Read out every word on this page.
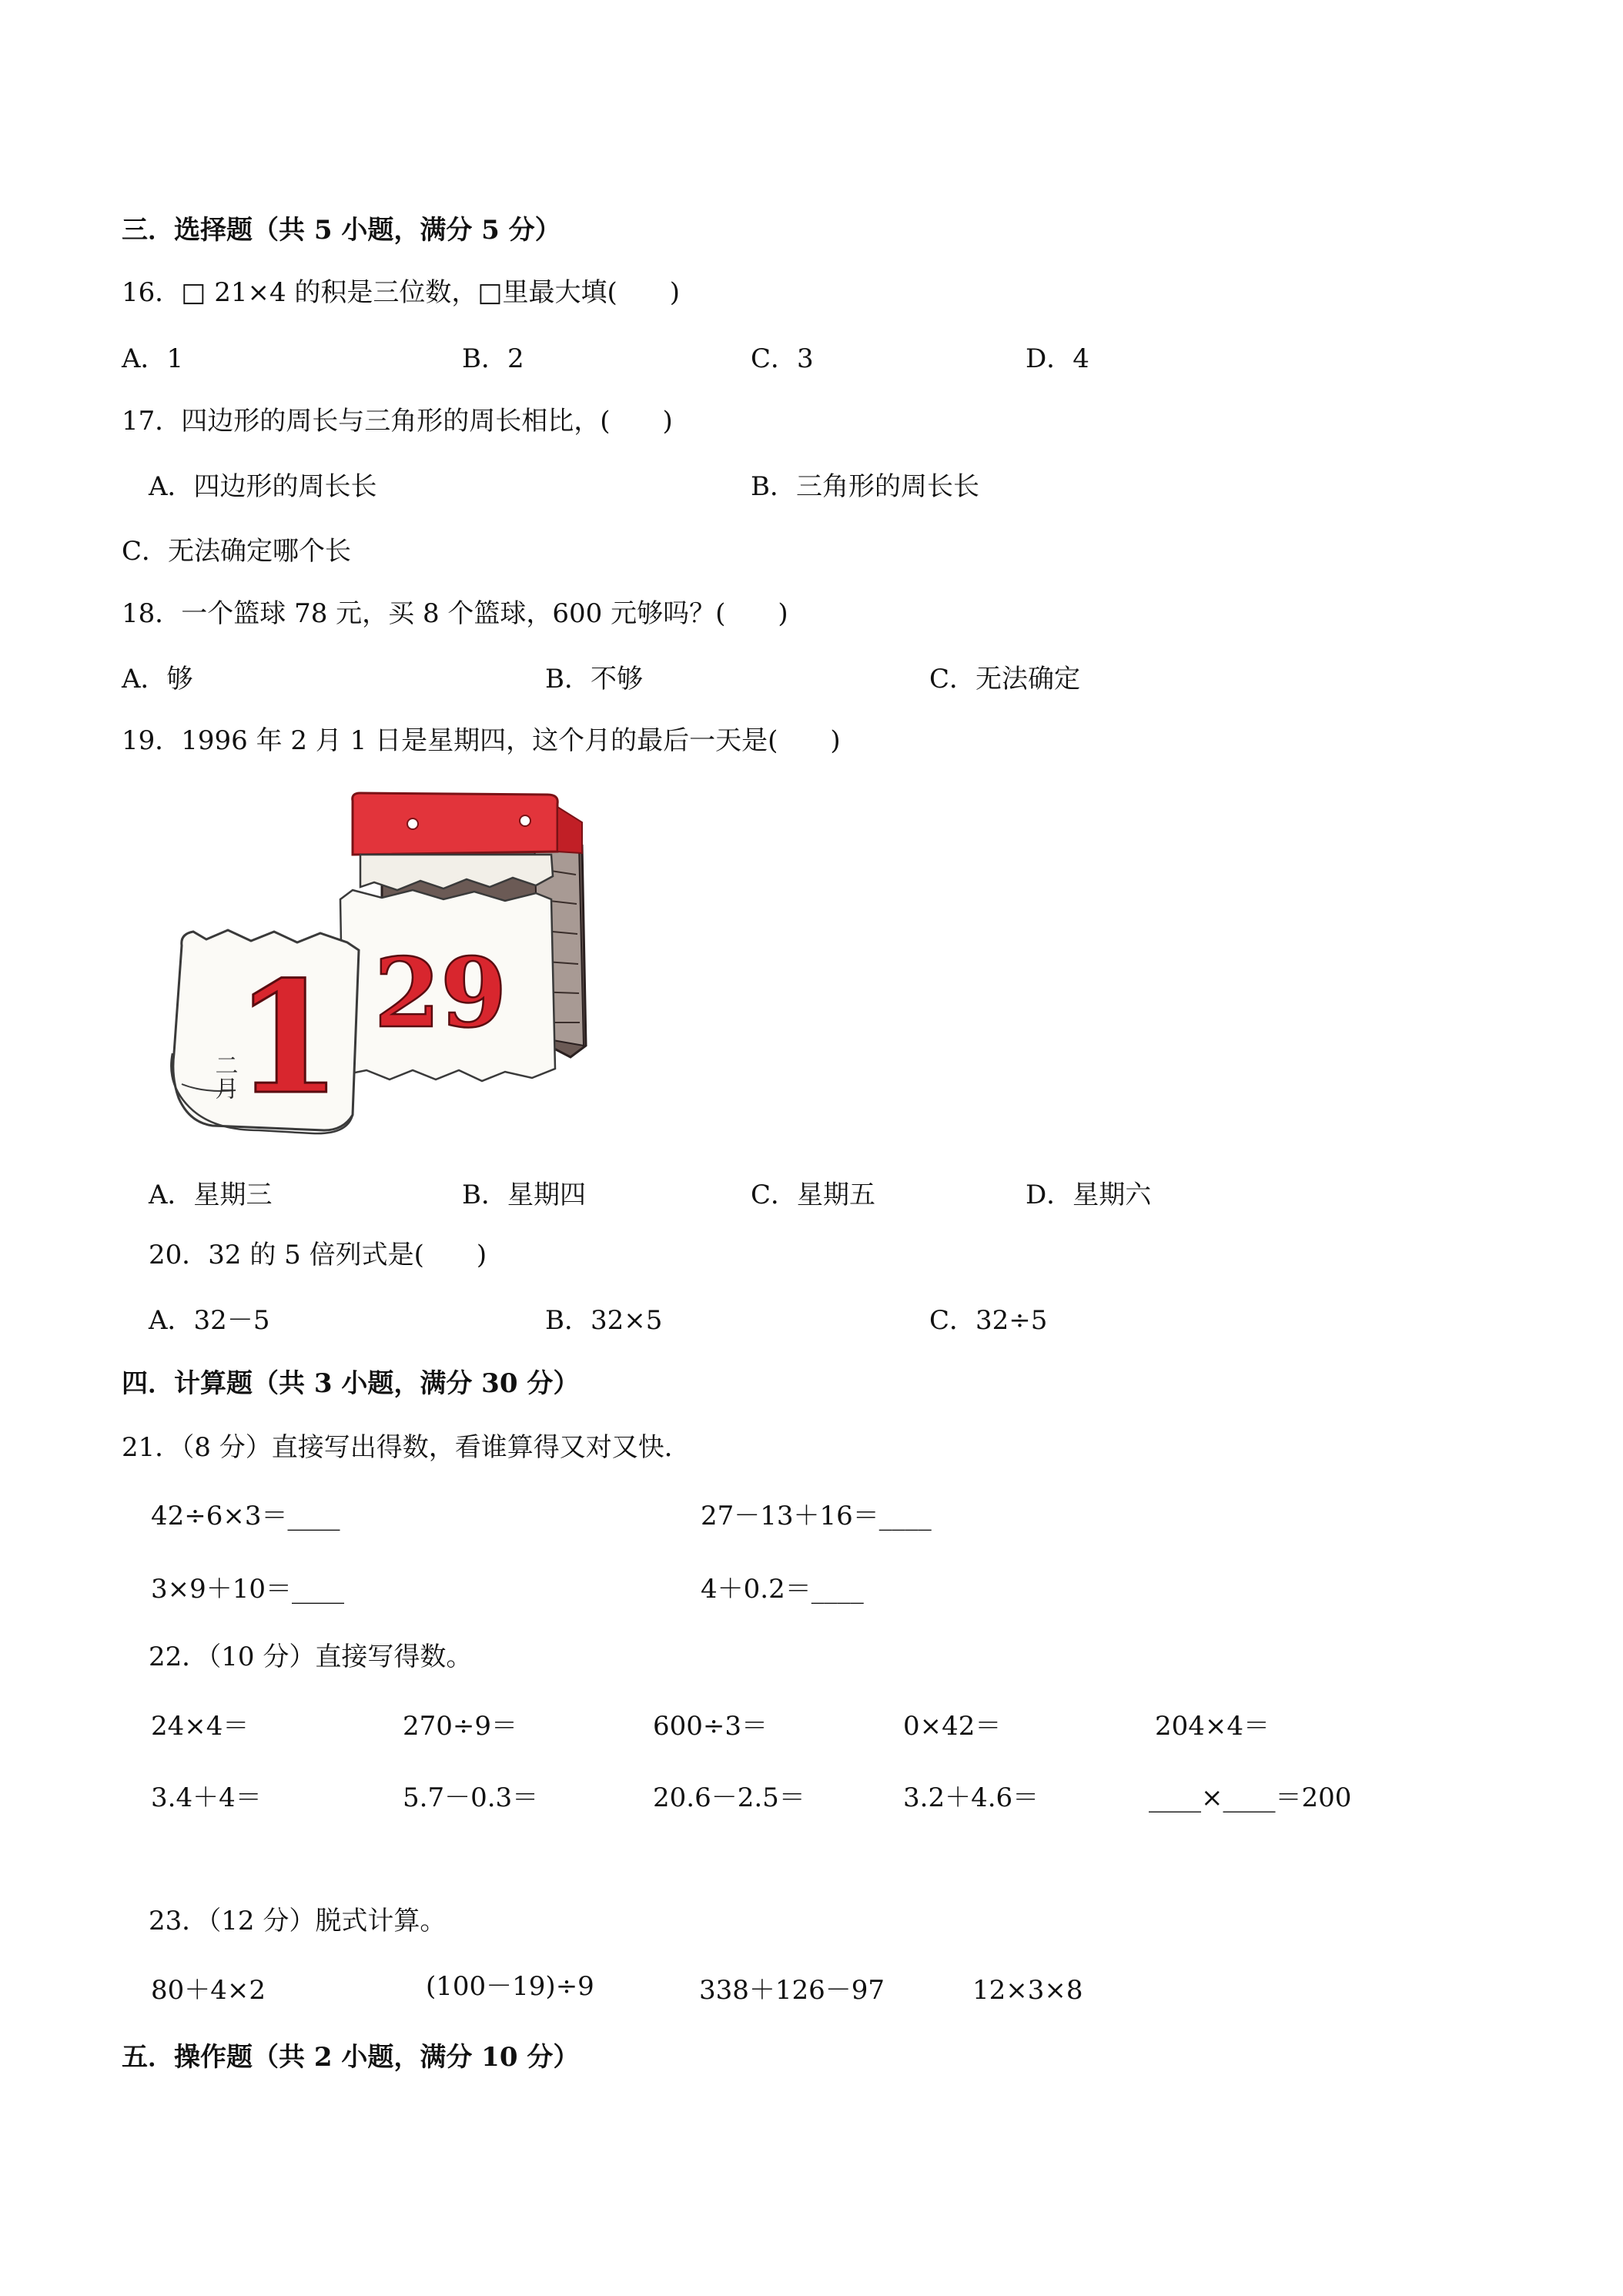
三．选择题（共 5 小题，满分 5 分）
16．□ 21×4 的积是三位数，□里最大填(　　)
A．1	B．2	C．3	D．4
17．四边形的周长与三角形的周长相比，(　　)
A．四边形的周长长	B．三角形的周长长
C．无法确定哪个长
18．一个篮球 78 元，买 8 个篮球，600 元够吗？(　　)
A．够	B．不够	C．无法确定
19．1996 年 2 月 1 日是星期四，这个月的最后一天是(　　)
29
二月
1
A．星期三	B．星期四	C．星期五	D．星期六
20．32 的 5 倍列式是(　　)
A．32－5	B．32×5	C．32÷5
四．计算题（共 3 小题，满分 30 分）
21．（8 分）直接写出得数，看谁算得又对又快．
42÷6×3＝____	27－13＋16＝____
3×9＋10＝____	4＋0.2＝____
22．（10 分）直接写得数。
24×4＝	270÷9＝	600÷3＝	0×42＝	204×4＝
3.4＋4＝	5.7－0.3＝	20.6－2.5＝	3.2＋4.6＝	____×____＝200
23．（12 分）脱式计算。
80＋4×2	(100－19)÷9	338＋126－97	12×3×8
五．操作题（共 2 小题，满分 10 分）
